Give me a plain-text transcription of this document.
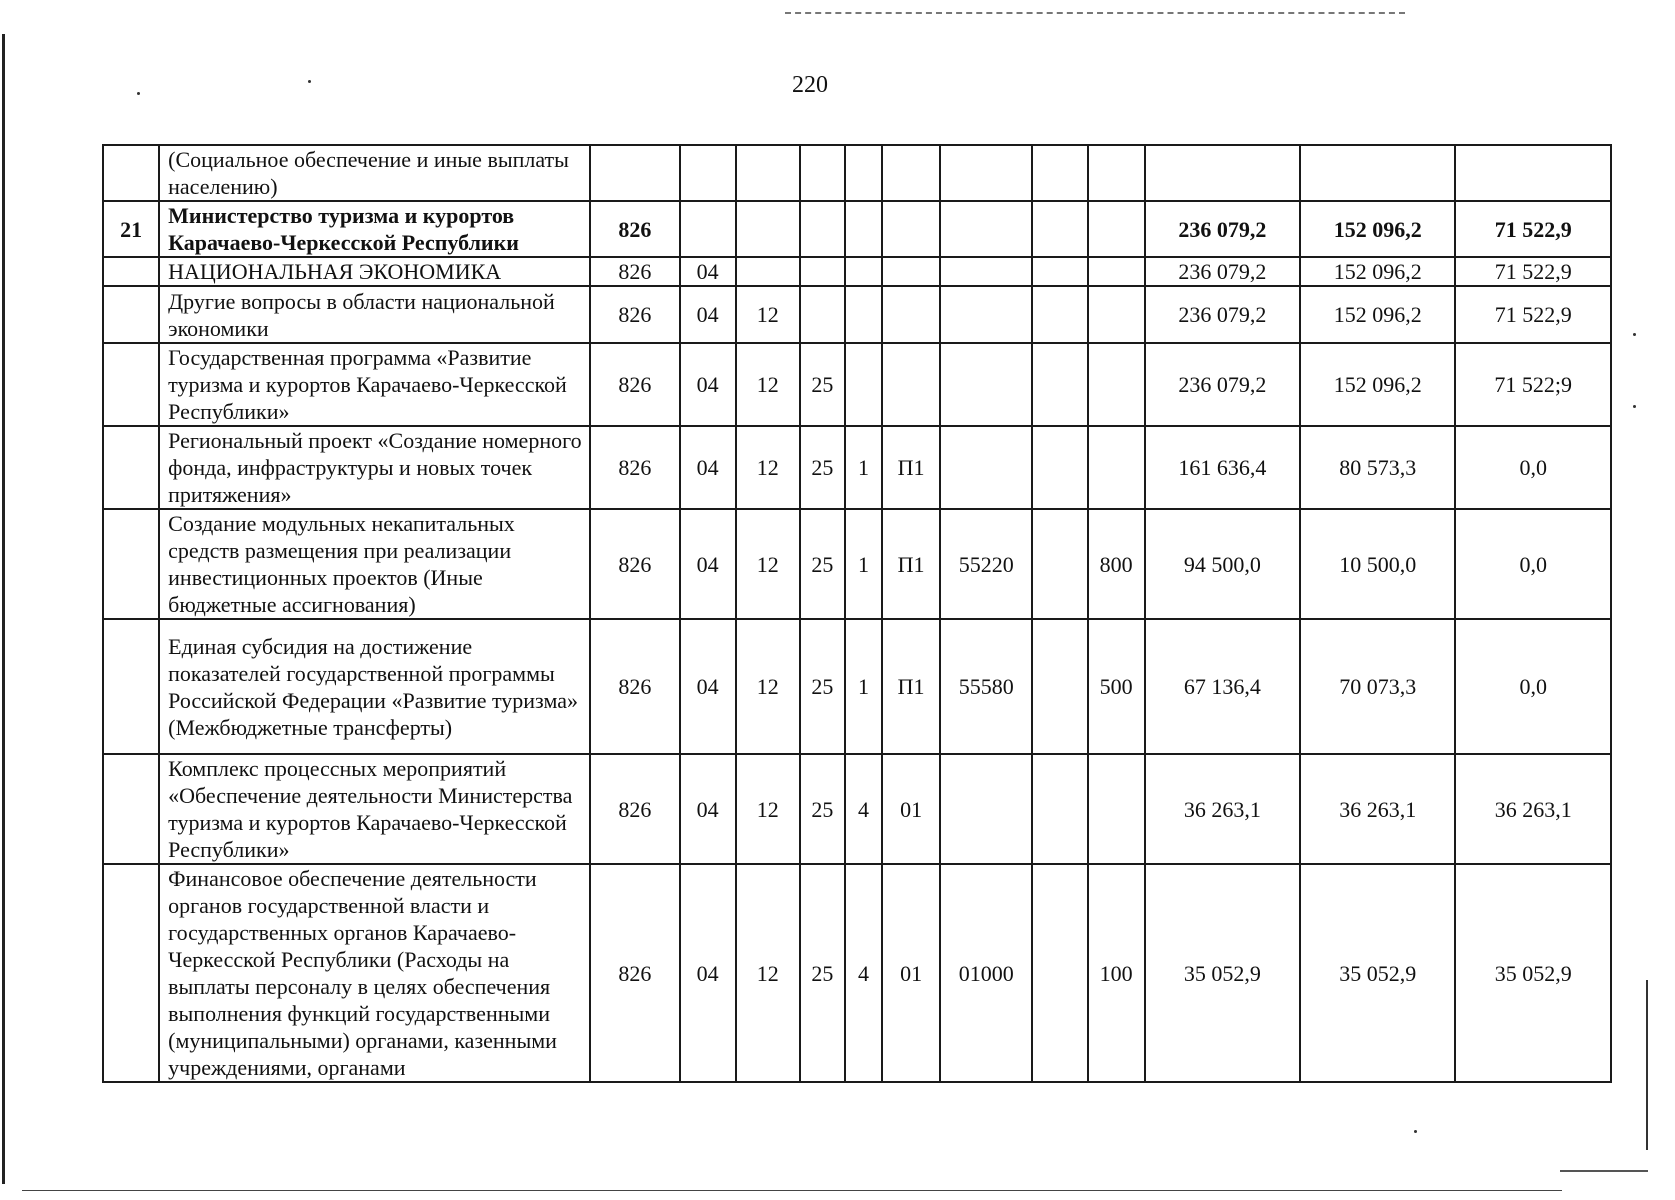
220
	(Социальное обеспечение и иные выплаты населению)												
21	Министерство туризма и курортов Карачаево-Черкесской Республики	826									236 079,2	152 096,2	71 522,9
	НАЦИОНАЛЬНАЯ ЭКОНОМИКА	826	04								236 079,2	152 096,2	71 522,9
	Другие вопросы в области национальной экономики	826	04	12							236 079,2	152 096,2	71 522,9
	Государственная программа «Развитие туризма и курортов Карачаево-Черкесской Республики»	826	04	12	25						236 079,2	152 096,2	71 522;9
	Региональный проект «Создание номерного фонда, инфраструктуры и новых точек притяжения»	826	04	12	25	1	П1				161 636,4	80 573,3	0,0
	Создание модульных некапитальных средств размещения при реализации инвестиционных проектов (Иные бюджетные ассигнования)	826	04	12	25	1	П1	55220		800	94 500,0	10 500,0	0,0
	Единая субсидия на достижение показателей государственной программы Российской Федерации «Развитие туризма» (Межбюджетные трансферты)	826	04	12	25	1	П1	55580		500	67 136,4	70 073,3	0,0
	Комплекс процессных мероприятий «Обеспечение деятельности Министерства туризма и курортов Карачаево-Черкесской Республики»	826	04	12	25	4	01				36 263,1	36 263,1	36 263,1
	Финансовое обеспечение деятельности органов государственной власти и государственных органов Карачаево-Черкесской Республики (Расходы на выплаты персоналу в целях обеспечения выполнения функций государственными (муниципальными) органами, казенными учреждениями, органами	826	04	12	25	4	01	01000		100	35 052,9	35 052,9	35 052,9
